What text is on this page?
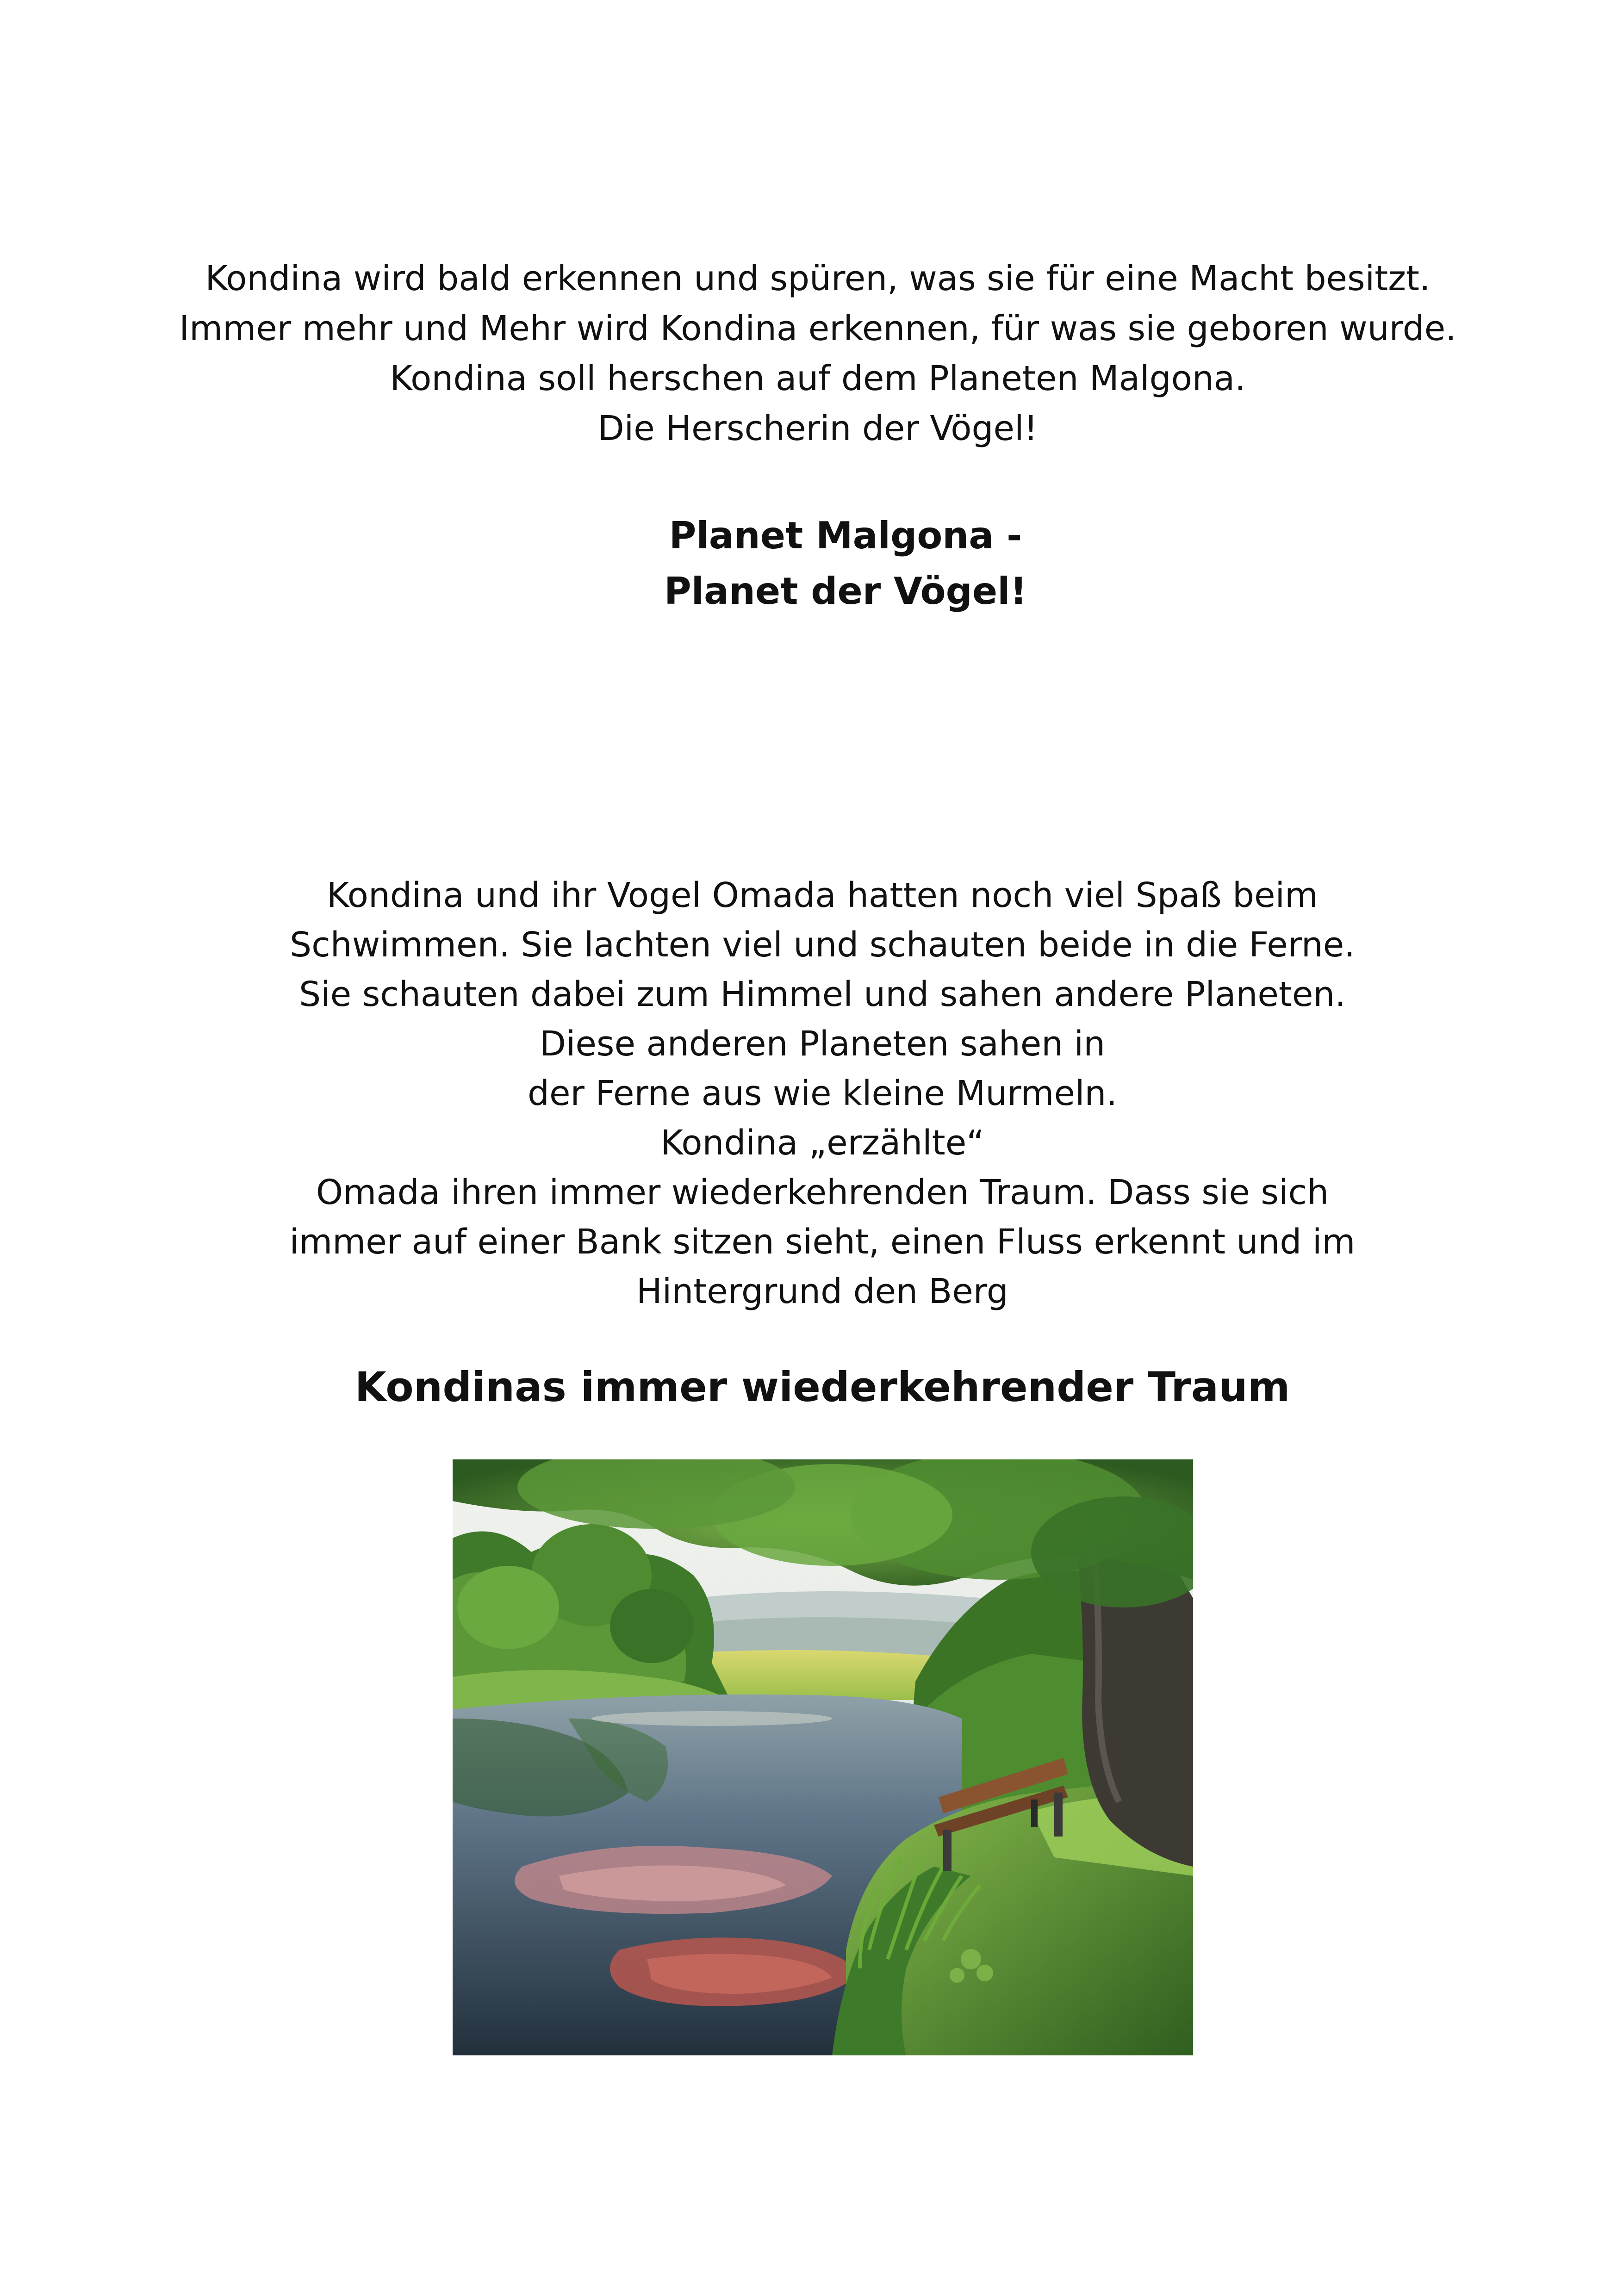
Kondina wird bald erkennen und spüren, was sie für eine Macht besitzt.
Immer mehr und Mehr wird Kondina erkennen, für was sie geboren wurde.
Kondina soll herschen auf dem Planeten Malgona.
Die Herscherin der Vögel!
Planet Malgona -
Planet der Vögel!
Kondina und ihr Vogel Omada hatten noch viel Spaß beim
Schwimmen. Sie lachten viel und schauten beide in die Ferne.
Sie schauten dabei zum Himmel und sahen andere Planeten.
Diese anderen Planeten sahen in
der Ferne aus wie kleine Murmeln.
Kondina „erzählte“
Omada ihren immer wiederkehrenden Traum. Dass sie sich
immer auf einer Bank sitzen sieht, einen Fluss erkennt und im
Hintergrund den Berg
Kondinas immer wiederkehrender Traum
